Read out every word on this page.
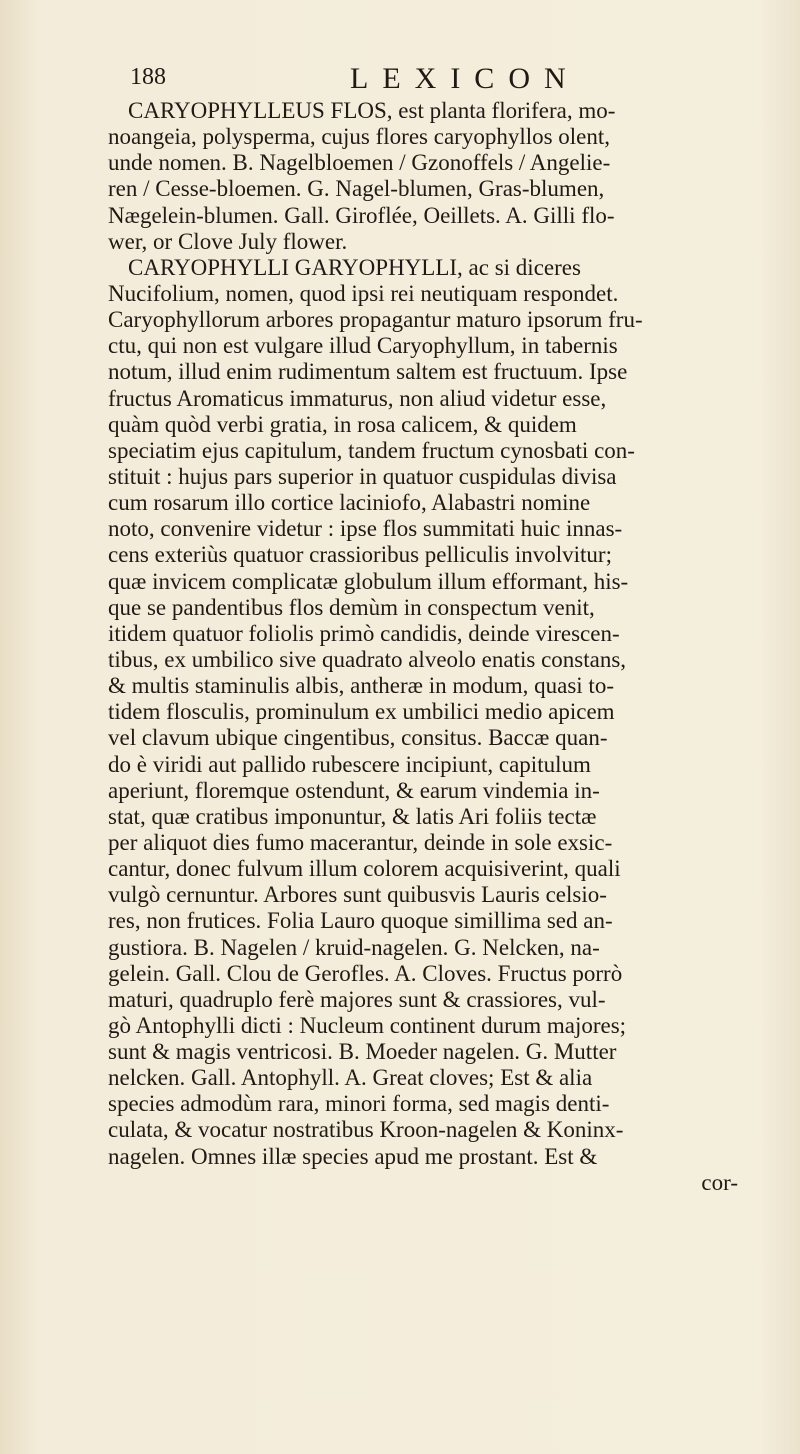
188	LEXICON
CARYOPHYLLEUS FLOS, est planta florifera, mo-
noangeia, polyspermа, cujus flores caryophyllos olent,
unde nomen. B. Nagelbloemen / Gzonoffels / Angelie-
ren / Cesse-bloemen. G. Nagel-blumen, Gras-blumen,
Nægelein-blumen. Gall. Giroflée, Oeillets. A. Gilli flo-
wer, or Clove July flower.
CARYOPHYLLI GARYOPHYLLI, ac si diceres
Nucifolium, nomen, quod ipsi rei neutiquam respondet.
Caryophyllorum arbores propagantur maturo ipsorum fru-
ctu, qui non est vulgare illud Caryophyllum, in tabernis
notum, illud enim rudimentum saltem est fructuum. Ipse
fructus Aromaticus immaturus, non aliud videtur esse,
quàm quòd verbi gratia, in rosa calicem, & quidem
speciatim ejus capitulum, tandem fructum cynosbati con-
stituit : hujus pars superior in quatuor cuspidulas divisa
cum rosarum illo cortice laciniofo, Alabastri nomine
noto, convenire videtur : ipse flos summitati huic innas-
cens exteriùs quatuor crassioribus pelliculis involvitur;
quæ invicem complicatæ globulum illum efformant, his-
que se pandentibus flos demùm in conspectum venit,
itidem quatuor foliolis primò candidis, deinde virescen-
tibus, ex umbilico sive quadrato alveolo enatis constans,
& multis staminulis albis, antheræ in modum, quasi to-
tidem flosculis, prominulum ex umbilici medio apicem
vel clavum ubique cingentibus, consitus. Baccæ quan-
do è viridi aut pallido rubescere incipiunt, capitulum
aperiunt, floremque ostendunt, & earum vindemia in-
stat, quæ cratibus imponuntur, & latis Ari foliis tectæ
per aliquot dies fumo macerantur, deinde in sole exsic-
cantur, donec fulvum illum colorem acquisiverint, quali
vulgò cernuntur. Arbores sunt quibusvis Lauris celsio-
res, non frutices. Folia Lauro quoque simillima sed an-
gustiora. B. Nagelen / kruid-nagelen. G. Nelcken, na-
gelein. Gall. Clou de Gerofles. A. Cloves. Fructus porrò
maturi, quadruplo ferè majores sunt & crassiores, vul-
gò Antophylli dicti : Nucleum continent durum majores;
sunt & magis ventricosi. B. Moeder nagelen. G. Mutter
nelcken. Gall. Antophyll. A. Great cloves; Est & alia
species admodùm rara, minori forma, sed magis denti-
culata, & vocatur nostratibus Kroon-nagelen & Koninx-
nagelen. Omnes illæ species apud me prostant. Est &
cor-
